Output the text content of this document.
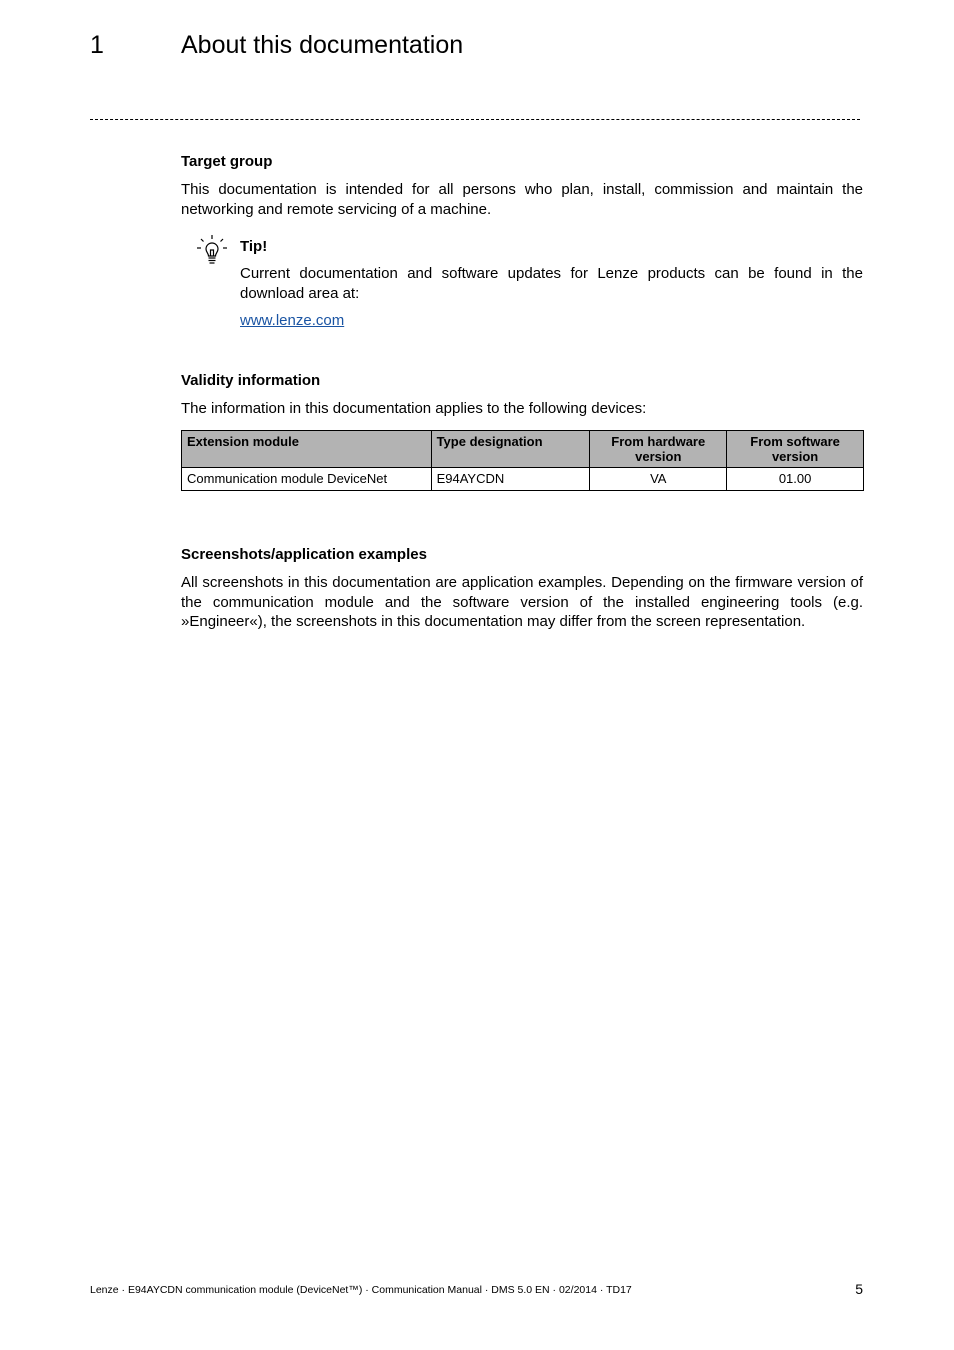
1	About this documentation
Target group

This documentation is intended for all persons who plan, install, commission and maintain the networking and remote servicing of a machine.

Tip!

Current documentation and software updates for Lenze products can be found in the download area at:

www.lenze.com
Validity information

The information in this documentation applies to the following devices:

Extension module	Type designation	From hardware version	From software version
Communication module DeviceNet	E94AYCDN	VA	01.00
Screenshots/application examples

All screenshots in this documentation are application examples. Depending on the firmware version of the communication module and the software version of the installed engineering tools (e.g. »Engineer«), the screenshots in this documentation may differ from the screen representation.

Lenze · E94AYCDN communication module (DeviceNet™) · Communication Manual · DMS 5.0 EN · 02/2014 · TD17	5
